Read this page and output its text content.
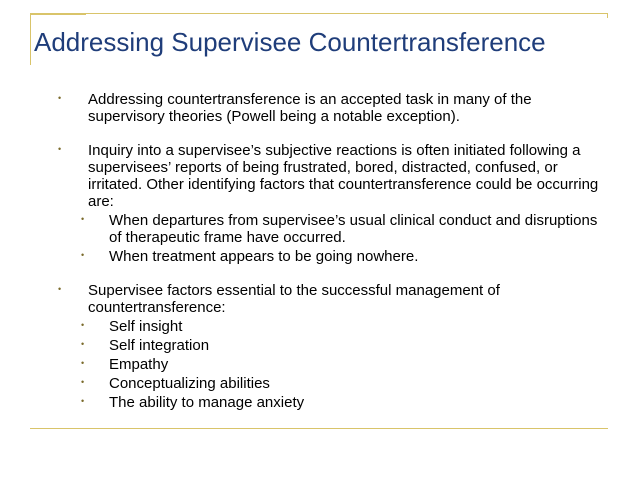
Addressing Supervisee Countertransference
• Addressing countertransference is an accepted task in many of the supervisory theories (Powell being a notable exception).
• Inquiry into a supervisee’s subjective reactions is often initiated following a supervisees’ reports of being frustrated, bored, distracted, confused, or irritated. Other identifying factors that countertransference could be occurring are:
• When departures from supervisee’s usual clinical conduct and disruptions of therapeutic frame have occurred.
• When treatment appears to be going nowhere.
• Supervisee factors essential to the successful management of countertransference:
• Self insight
• Self integration
• Empathy
• Conceptualizing abilities
• The ability to manage anxiety
